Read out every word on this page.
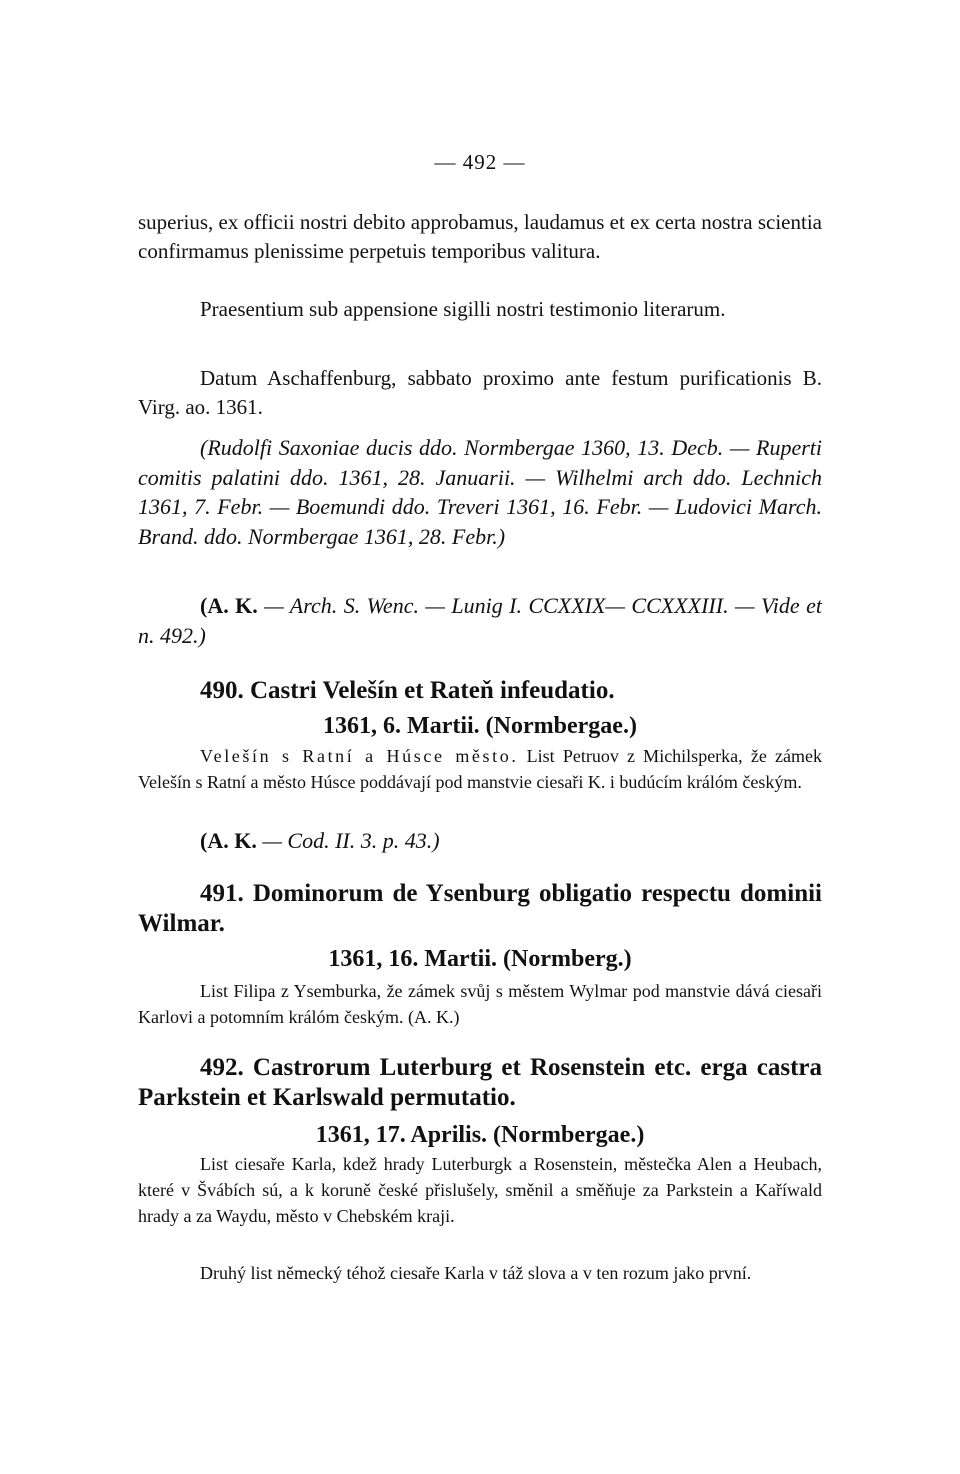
— 492 —

superius, ex officii nostri debito approbamus, laudamus et ex certa nostra scientia confirmamus plenissime perpetuis temporibus valitura.

Praesentium sub appensione sigilli nostri testimonio literarum.

Datum Aschaffenburg, sabbato proximo ante festum purificationis B. Virg. ao. 1361.

(Rudolfi Saxoniae ducis ddo. Normbergae 1360, 13. Decb. — Ruperti comitis palatini ddo. 1361, 28. Januarii. — Wilhelmi arch ddo. Lechnich 1361, 7. Febr. — Boemundi ddo. Treveri 1361, 16. Febr. — Ludovici March. Brand. ddo. Normbergae 1361, 28. Febr.)

(A. K. — Arch. S. Wenc. — Lunig I. CCXXIX— CCXXXIII. — Vide et n. 492.)

490. Castri Velešín et Rateň infeudatio.

1361, 6. Martii. (Normbergae.)

Velešín s Ratní a Húsce město. List Petruov z Michilsperka, že zámek Velešín s Ratní a město Húsce poddávají pod manstvie ciesaři K. i budúcím králóm českým.

(A. K. — Cod. II. 3. p. 43.)

491. Dominorum de Ysenburg obligatio respectu dominii Wilmar.

1361, 16. Martii. (Normberg.)

List Filipa z Ysemburka, že zámek svůj s městem Wylmar pod manstvie dává ciesaři Karlovi a potomním králóm českým. (A. K.)

492. Castrorum Luterburg et Rosenstein etc. erga castra Parkstein et Karlswald permutatio.

1361, 17. Aprilis. (Normbergae.)

List ciesaře Karla, kdež hrady Luterburgk a Rosenstein, městečka Alen a Heubach, které v Švábích sú, a k koruně české přislušely, směnil a směňuje za Parkstein a Kaříwald hrady a za Waydu, město v Chebském kraji.

Druhý list německý téhož ciesaře Karla v táž slova a v ten rozum jako první.
